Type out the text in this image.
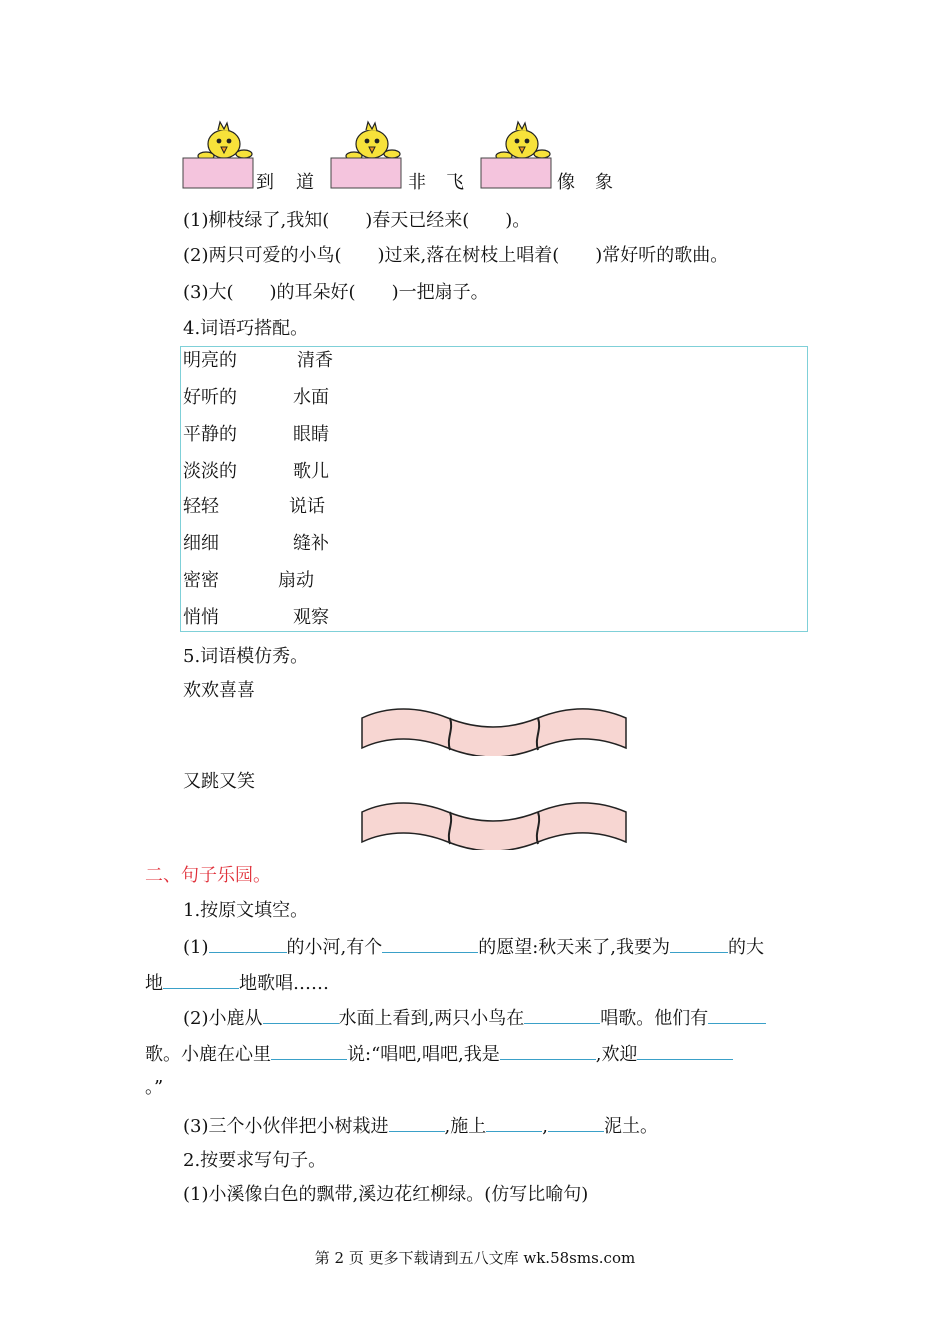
到 道	非 飞	像 象
(1)柳枝绿了,我知(　　)春天已经来(　　)。
(2)两只可爱的小鸟(　　)过来,落在树枝上唱着(　　)常好听的歌曲。
(3)大(　　)的耳朵好(　　)一把扇子。
4.词语巧搭配。
明亮的	清香
好听的	水面
平静的	眼睛
淡淡的	歌儿
轻轻	说话
细细	缝补
密密	扇动
悄悄	观察
5.词语模仿秀。
欢欢喜喜
又跳又笑
二、句子乐园。
1.按原文填空。
(1)	的小河,有个	的愿望:秋天来了,我要为	的大
地	地歌唱……
(2)小鹿从	水面上看到,两只小鸟在	唱歌。他们有
歌。小鹿在心里	说:“唱吧,唱吧,我是	,欢迎
。”
(3)三个小伙伴把小树栽进	,施上	,	泥土。
2.按要求写句子。
(1)小溪像白色的飘带,溪边花红柳绿。(仿写比喻句)
第 2 页 更多下载请到五八文库 wk.58sms.com
